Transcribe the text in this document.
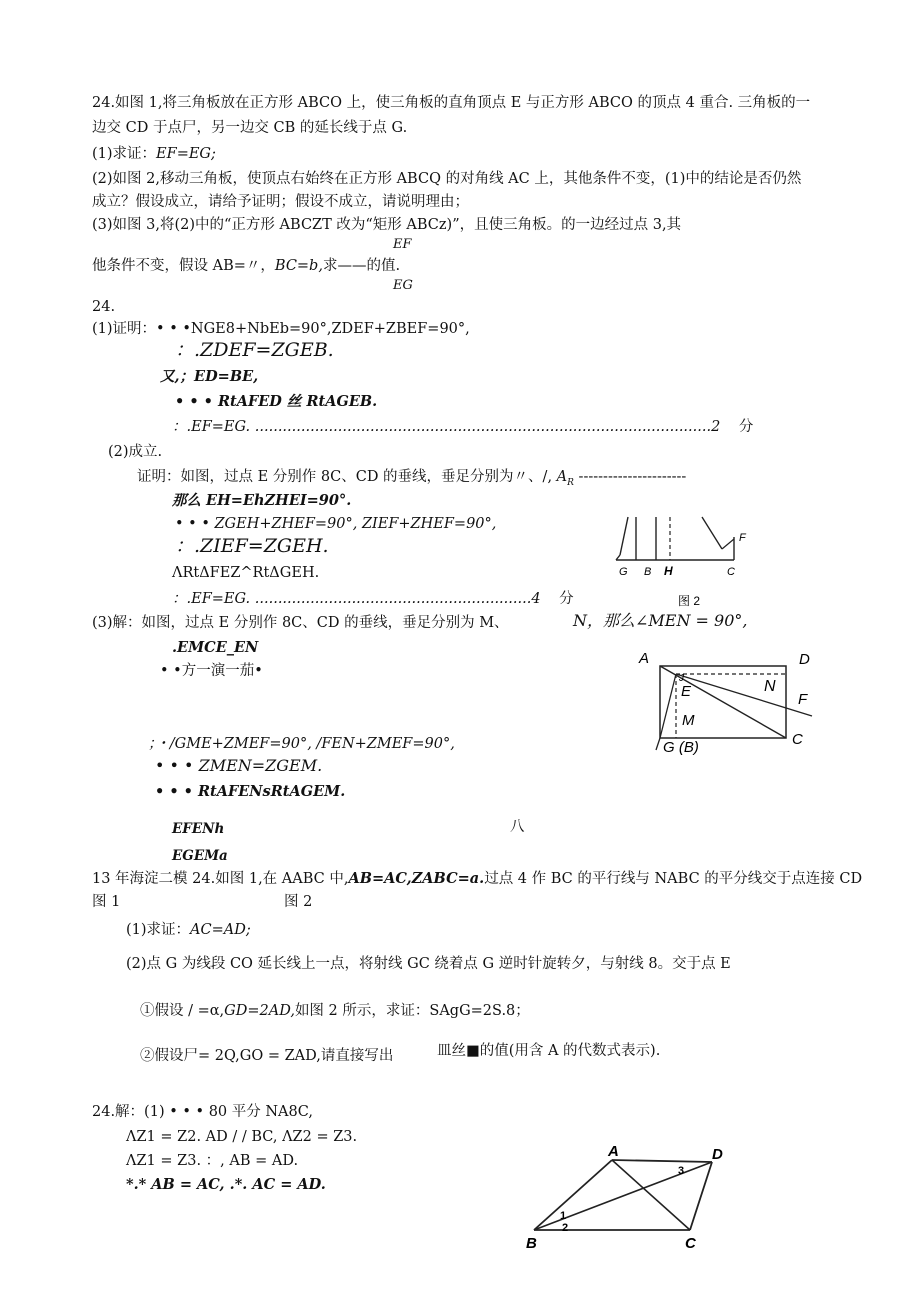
24.如图 1,将三角板放在正方形 ABCO 上，使三角板的直角顶点 E 与正方形 ABCO 的顶点 4 重合. 三角板的一
边交 CD 于点尸，另一边交 CB 的延长线于点 G.
(1)求证：EF=EG;
(2)如图 2,移动三角板，使顶点右始终在正方形 ABCQ 的对角线 AC 上，其他条件不变，(1)中的结论是否仍然
成立？假设成立，请给予证明；假设不成立，请说明理由；
(3)如图 3,将(2)中的“正方形 ABCZT 改为“矩形 ABCz)”，且使三角板。的一边经过点 3,其
EF
他条件不变，假设 AB=〃，BC=b,求——的值.
EG
24.
(1)证明：• • •NGE8+NbEb=90°,ZDEF+ZBEF=90°,
：.ZDEF=ZGEB.
又,；ED=BE,
• • • RtAFED 丝 RtAGEB.
：.EF=EG. ...................................................................................................2 分
(2)成立.
证明：如图，过点 E 分别作 8C、CD 的垂线，垂足分别为〃、/, $A_R$ ----------------------
那么 EH=EhZHEI=90°.
• • • ZGEH+ZHEF=90°, ZIEF+ZHEF=90°,
：.ZIEF=ZGEH.
ΛRtΔFEZ^RtΔGEH.
：.EF=EG. ............................................................4 分
F
G B H	C
图 2
(3)解：如图，过点 E 分别作 8C、CD 的垂线，垂足分别为 M、	N，那么∠MEN = 90°,
.EMCE_EN
• •方一演一茄•
A	D
J
E	N
F
M
G (B)	C
；・/GME+ZMEF=90°, /FEN+ZMEF=90°,
• • • ZMEN=ZGEM.
• • • RtAFENsRtAGEM.
EFENh	八
EGEMa
13 年海淀二模 24.如图 1,在 AABC 中,AB=AC,ZABC=a.过点 4 作 BC 的平行线与 NABC 的平分线交于点连接 CD
图 1	图 2
(1)求证：AC=AD;
(2)点 G 为线段 CO 延长线上一点，将射线 GC 绕着点 G 逆时针旋转夕，与射线 8。交于点 E
①假设 / =α,GD=2AD,如图 2 所示，求证：SAgG=2S.8；
②假设尸= 2Q,GO = ZAD,请直接写出	皿丝■的值(用含 A 的代数式表示).
24.解：(1) • • • 80 平分 NA8C,
ΛZ1 = Z2. AD / / BC, ΛZ2 = Z3.
ΛZ1 = Z3. ：, AB = AD.
*.* AB = AC, .*. AC = AD.
A	D
3
1
2
B	C
